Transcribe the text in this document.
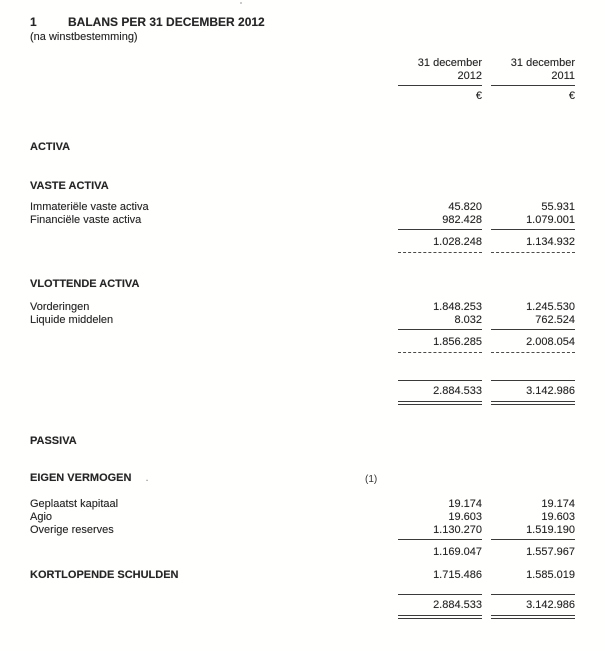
1	BALANS PER 31 DECEMBER 2012
(na winstbestemming)
31 december	31 december
2012	2011
€	€
ACTIVA
VASTE ACTIVA
Immateriële vaste activa	45.820	55.931
Financiële vaste activa	982.428	1.079.001
1.028.248	1.134.932
VLOTTENDE ACTIVA
Vorderingen	1.848.253	1.245.530
Liquide middelen	8.032	762.524
1.856.285	2.008.054
2.884.533	3.142.986
PASSIVA
EIGEN VERMOGEN .	(1)
Geplaatst kapitaal	19.174	19.174
Agio	19.603	19.603
Overige reserves	1.130.270	1.519.190
1.169.047	1.557.967
KORTLOPENDE SCHULDEN	1.715.486	1.585.019
2.884.533	3.142.986
